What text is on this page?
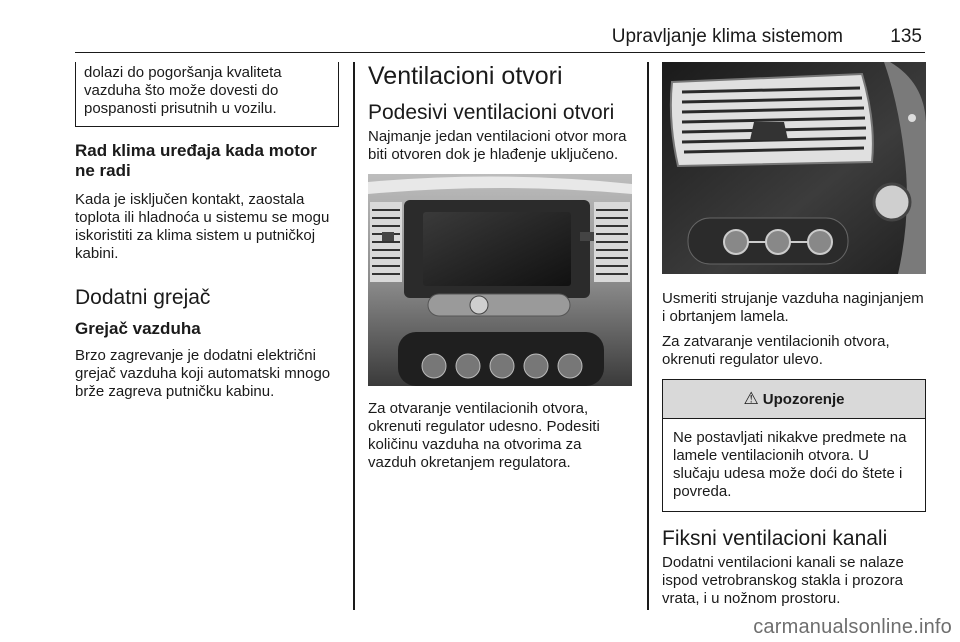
Upravljanje klima sistemom 135

dolazi do pogoršanja kvaliteta vazduha što može dovesti do pospanosti prisutnih u vozilu.

Rad klima uređaja kada motor ne radi

Kada je isključen kontakt, zaostala toplota ili hladnoća u sistemu se mogu iskoristiti za klima sistem u putničkoj kabini.

Dodatni grejač
Grejač vazduha

Brzo zagrevanje je dodatni električni grejač vazduha koji automatski mnogo brže zagreva putničku kabinu.

Ventilacioni otvori
Podesivi ventilacioni otvori

Najmanje jedan ventilacioni otvor mora biti otvoren dok je hlađenje uključeno.

Za otvaranje ventilacionih otvora, okrenuti regulator udesno. Podesiti količinu vazduha na otvorima za vazduh okretanjem regulatora.

Usmeriti strujanje vazduha naginjanjem i obrtanjem lamela.

Za zatvaranje ventilacionih otvora, okrenuti regulator ulevo.

⚠ Upozorenje

Ne postavljati nikakve predmete na lamele ventilacionih otvora. U slučaju udesa može doći do štete i povreda.

Fiksni ventilacioni kanali

Dodatni ventilacioni kanali se nalaze ispod vetrobranskog stakla i prozora vrata, i u nožnom prostoru.

carmanualsonline.info
